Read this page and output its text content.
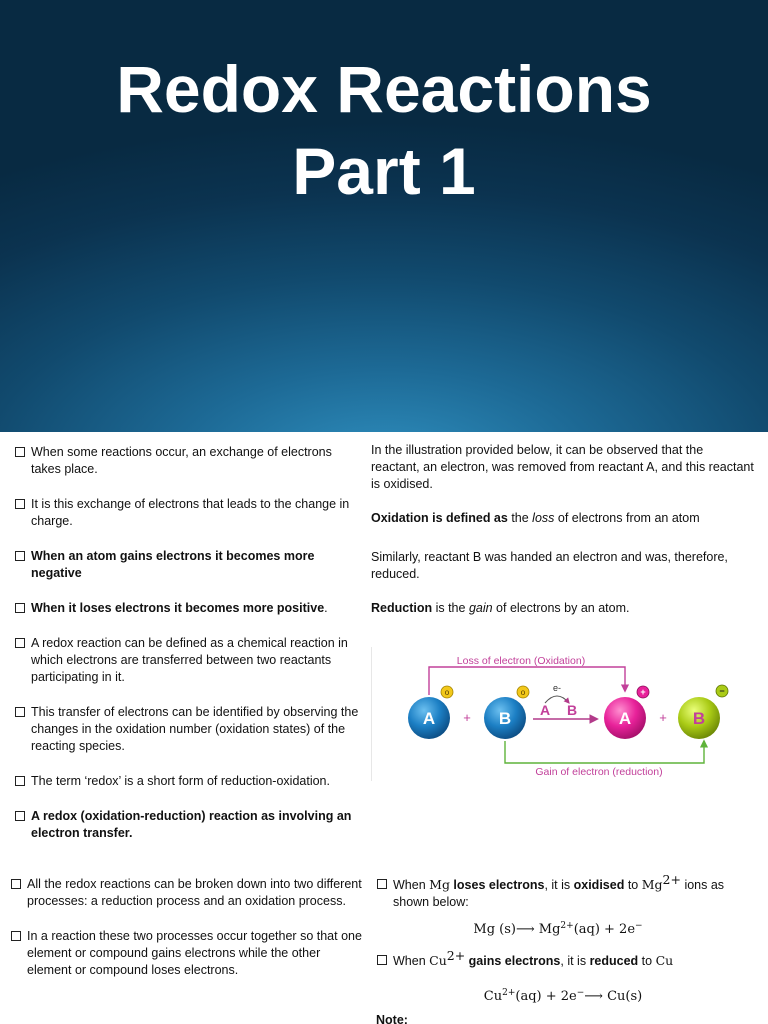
Redox Reactions
Part 1
When some reactions occur, an exchange of electrons takes place.
It is this exchange of electrons that leads to the change in charge.
When an atom gains electrons it becomes more negative
When it loses electrons it becomes more positive.
A redox reaction can be defined as a chemical reaction in which electrons are transferred between two reactants participating in it.
This transfer of electrons can be identified by observing the changes in the oxidation number (oxidation states) of the reacting species.
The term ‘redox’ is a short form of reduction-oxidation.
A redox (oxidation-reduction) reaction as involving an electron transfer.
In the illustration provided below, it can be observed that the reactant, an electron, was removed from reactant A, and this reactant is oxidised.
Oxidation is defined as the loss of electrons from an atom
Similarly, reactant B was handed an electron and was, therefore, reduced.
Reduction is the gain of electrons by an atom.
Loss of electron (Oxidation)
Gain of electron (reduction)
A
o
+ B
o	e-
A B A
+
+ B
−
All the redox reactions can be broken down into two different processes: a reduction process and an oxidation process.
In a reaction these two processes occur together so that one element or compound gains electrons while the other element or compound loses electrons.
When Mg loses electrons, it is oxidised to $Mg^{2+}$ ions as shown below:
Mg (s)⟶ $Mg^{2+}(aq) + 2e^-$
When $Cu^{2+}$ gains electrons, it is reduced to Cu
$Cu^{2+}(aq)$ + 2e−⟶ Cu(s)
Note:
